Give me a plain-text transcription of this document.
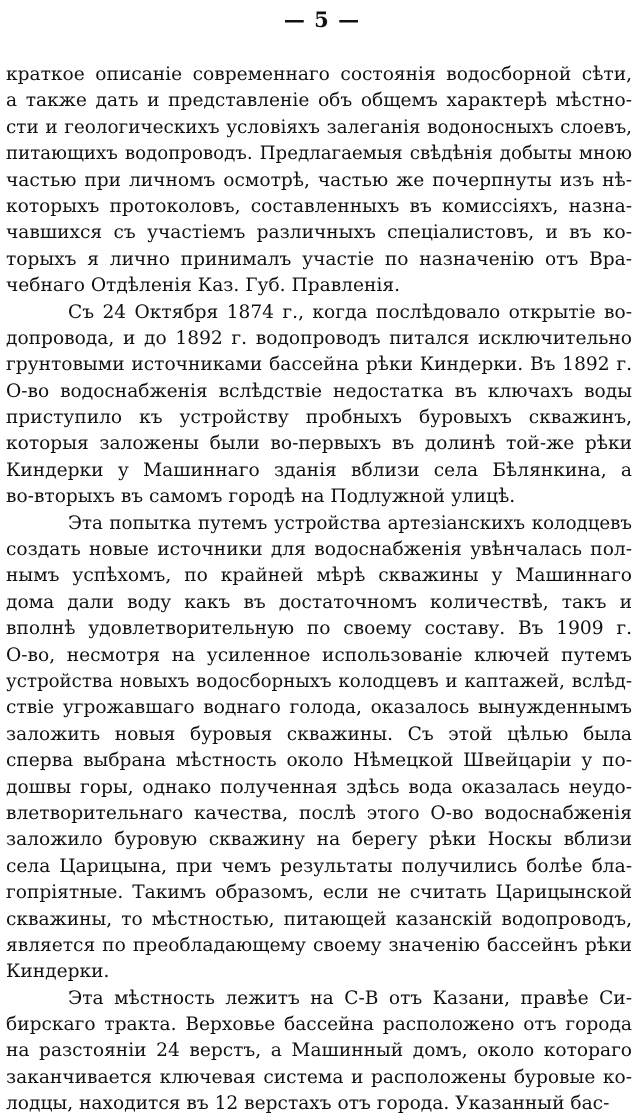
— 5 —
краткое описаніе современнаго состоянія водосборной сѣти,
а также дать и представленіе объ общемъ характерѣ мѣстно-
сти и геологическихъ условіяхъ залеганія водоносныхъ слоевъ,
питающихъ водопроводъ. Предлагаемыя свѣдѣнія добыты мною
частью при личномъ осмотрѣ, частью же почерпнуты изъ нѣ-
которыхъ протоколовъ, составленныхъ въ комиссіяхъ, назна-
чавшихся съ участіемъ различныхъ спеціалистовъ, и въ ко-
торыхъ я лично принималъ участіе по назначенію отъ Вра-
чебнаго Отдѣленія Каз. Губ. Правленія.
Съ 24 Октября 1874 г., когда послѣдовало открытіе во-
допровода, и до 1892 г. водопроводъ питался исключительно
грунтовыми источниками бассейна рѣки Киндерки. Въ 1892 г.
О-во водоснабженія вслѣдствіе недостатка въ ключахъ воды
приступило къ устройству пробныхъ буровыхъ скважинъ,
которыя заложены были во-первыхъ въ долинѣ той-же рѣки
Киндерки у Машиннаго зданія вблизи села Бѣлянкина, а
во-вторыхъ въ самомъ городѣ на Подлужной улицѣ.
Эта попытка путемъ устройства артезіанскихъ колодцевъ
создать новые источники для водоснабженія увѣнчалась пол-
нымъ успѣхомъ, по крайней мѣрѣ скважины у Машиннаго
дома дали воду какъ въ достаточномъ количествѣ, такъ и
вполнѣ удовлетворительную по своему составу. Въ 1909 г.
О-во, несмотря на усиленное использованіе ключей путемъ
устройства новыхъ водосборныхъ колодцевъ и каптажей, вслѣд-
ствіе угрожавшаго воднаго голода, оказалось вынужденнымъ
заложить новыя буровыя скважины. Съ этой цѣлью была
сперва выбрана мѣстность около Нѣмецкой Швейцаріи у по-
дошвы горы, однако полученная здѣсь вода оказалась неудо-
влетворительнаго качества, послѣ этого О-во водоснабженія
заложило буровую скважину на берегу рѣки Носкы вблизи
села Царицына, при чемъ результаты получились болѣе бла-
гопріятные. Такимъ образомъ, если не считать Царицынской
скважины, то мѣстностью, питающей казанскій водопроводъ,
является по преобладающему своему значенію бассейнъ рѣки
Киндерки.
Эта мѣстность лежитъ на С-В отъ Казани, правѣе Си-
бирскаго тракта. Верховье бассейна расположено отъ города
на разстояніи 24 верстъ, а Машинный домъ, около котораго
заканчивается ключевая система и расположены буровые ко-
лодцы, находится въ 12 верстахъ отъ города. Указанный бас-
